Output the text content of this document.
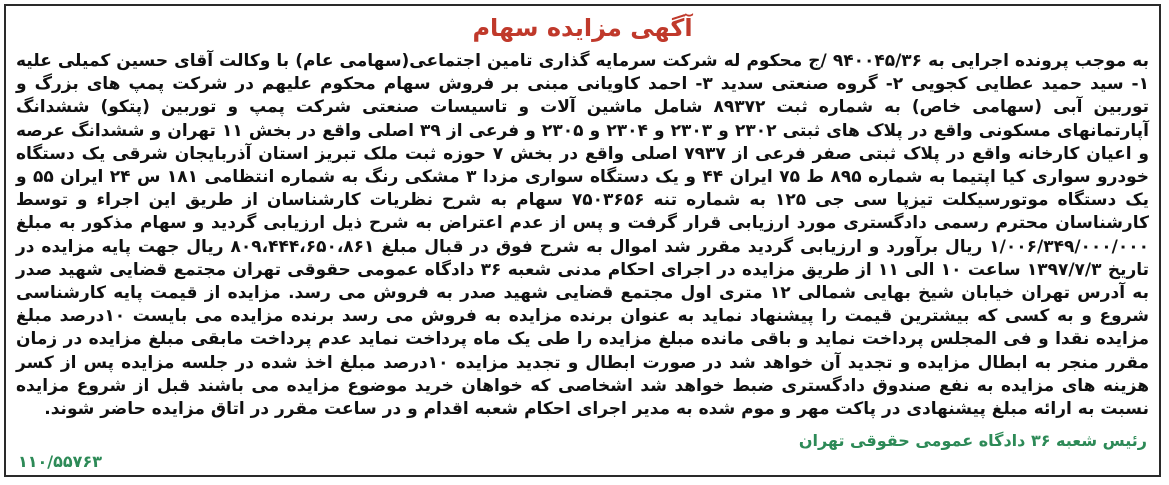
آگهی مزایده سهام
به موجب پرونده اجرایی به ۹۴۰۰۴۵/۳۶ /ج محکوم له شرکت سرمایه گذاری تامین اجتماعی(سهامی عام) با وکالت آقای حسین کمیلی علیه ۱- سید حمید عطایی کجویی ۲- گروه صنعتی سدید ۳- احمد کاویانی مبنی بر فروش سهام محکوم علیهم در شرکت پمپ های بزرگ و توربین آبی (سهامی خاص) به شماره ثبت ۸۹۳۷۲ شامل ماشین آلات و تاسیسات صنعتی شرکت پمپ و توربین (پتکو) ششدانگ آپارتمانهای مسکونی واقع در پلاک های ثبتی ۲۳۰۲ و ۲۳۰۳ و ۲۳۰۴ و ۲۳۰۵ و فرعی از ۳۹ اصلی واقع در بخش ۱۱ تهران و ششدانگ عرصه و اعیان کارخانه واقع در پلاک ثبتی صفر فرعی از ۷۹۳۷ اصلی واقع در بخش ۷ حوزه ثبت ملک تبریز استان آذربایجان شرقی یک دستگاه خودرو سواری کیا اپتیما به شماره ۸۹۵ ط ۷۵ ایران ۴۴ و یک دستگاه سواری مزدا ۳ مشکی رنگ به شماره انتظامی ۱۸۱ س ۲۴ ایران ۵۵ و یک دستگاه موتورسیکلت تیزپا سی جی ۱۲۵ به شماره تنه ۷۵۰۳۶۵۶ سهام به شرح نظریات کارشناسان از طریق این اجراء و توسط کارشناسان محترم رسمی دادگستری مورد ارزیابی قرار گرفت و پس از عدم اعتراض به شرح ذیل ارزیابی گردید و سهام مذکور به مبلغ ۱/۰۰۶/۳۴۹/۰۰۰/۰۰۰ ریال برآورد و ارزیابی گردید مقرر شد اموال به شرح فوق در قبال مبلغ ۸۰۹،۴۴۴،۶۵۰،۸۶۱ ریال جهت پایه مزایده در تاریخ ۱۳۹۷/۷/۳ ساعت ۱۰ الی ۱۱ از طریق مزایده در اجرای احکام مدنی شعبه ۳۶ دادگاه عمومی حقوقی تهران مجتمع قضایی شهید صدر به آدرس تهران خیابان شیخ بهایی شمالی ۱۲ متری اول مجتمع قضایی شهید صدر به فروش می رسد. مزایده از قیمت پایه کارشناسی شروع و به کسی که بیشترین قیمت را پیشنهاد نماید به عنوان برنده مزایده به فروش می رسد برنده مزایده می بایست ۱۰درصد مبلغ مزایده نقدا و فی المجلس پرداخت نماید و باقی مانده مبلغ مزایده را طی یک ماه پرداخت نماید عدم پرداخت مابقی مبلغ مزایده در زمان مقرر منجر به ابطال مزایده و تجدید آن خواهد شد در صورت ابطال و تجدید مزایده ۱۰درصد مبلغ اخذ شده در جلسه مزایده پس از کسر هزینه های مزایده به نفع صندوق دادگستری ضبط خواهد شد اشخاصی که خواهان خرید موضوع مزایده می باشند قبل از شروع مزایده نسبت به ارائه مبلغ پیشنهادی در پاکت مهر و موم شده به مدیر اجرای احکام شعبه اقدام و در ساعت مقرر در اتاق مزایده حاضر شوند.
رئیس شعبه ۳۶ دادگاه عمومی حقوقی تهران
۱۱۰/۵۵۷۶۳
